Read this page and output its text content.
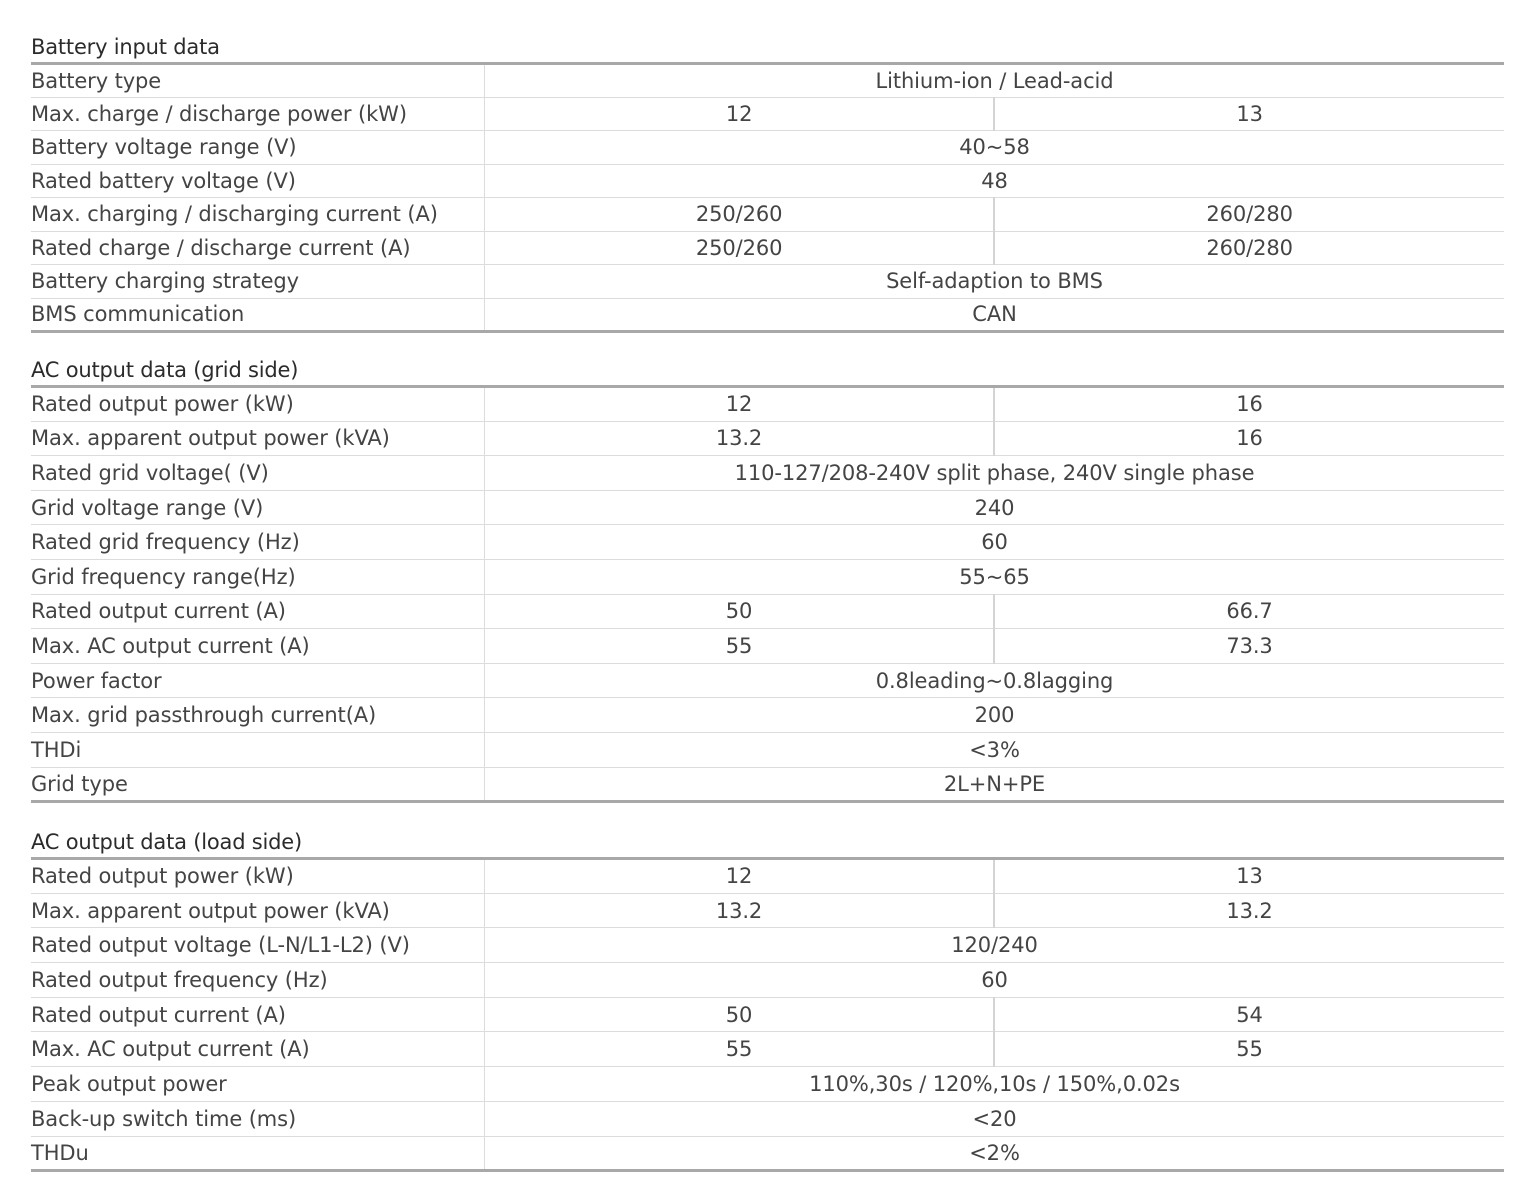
Battery input data
Battery type	Lithium-ion / Lead-acid	
Max. charge / discharge power (kW)	12	13
Battery voltage range (V)	40~58	
Rated battery voltage (V)	48	
Max. charging / discharging current (A)	250/260	260/280
Rated charge / discharge current (A)	250/260	260/280
Battery charging strategy	Self-adaption to BMS	
BMS communication	CAN	
AC output data (grid side)
Rated output power (kW)	12	16
Max. apparent output power (kVA)	13.2	16
Rated grid voltage( (V)	110-127/208-240V split phase, 240V single phase	
Grid voltage range (V)	240	
Rated grid frequency (Hz)	60	
Grid frequency range(Hz)	55~65	
Rated output current (A)	50	66.7
Max. AC output current (A)	55	73.3
Power factor	0.8leading~0.8lagging	
Max. grid passthrough current(A)	200	
THDi	<3%	
Grid type	2L+N+PE	
AC output data (load side)
Rated output power (kW)	12	13
Max. apparent output power (kVA)	13.2	13.2
Rated output voltage (L-N/L1-L2) (V)	120/240	
Rated output frequency (Hz)	60	
Rated output current (A)	50	54
Max. AC output current (A)	55	55
Peak output power	110%,30s / 120%,10s / 150%,0.02s	
Back-up switch time (ms)	<20	
THDu	<2%	
